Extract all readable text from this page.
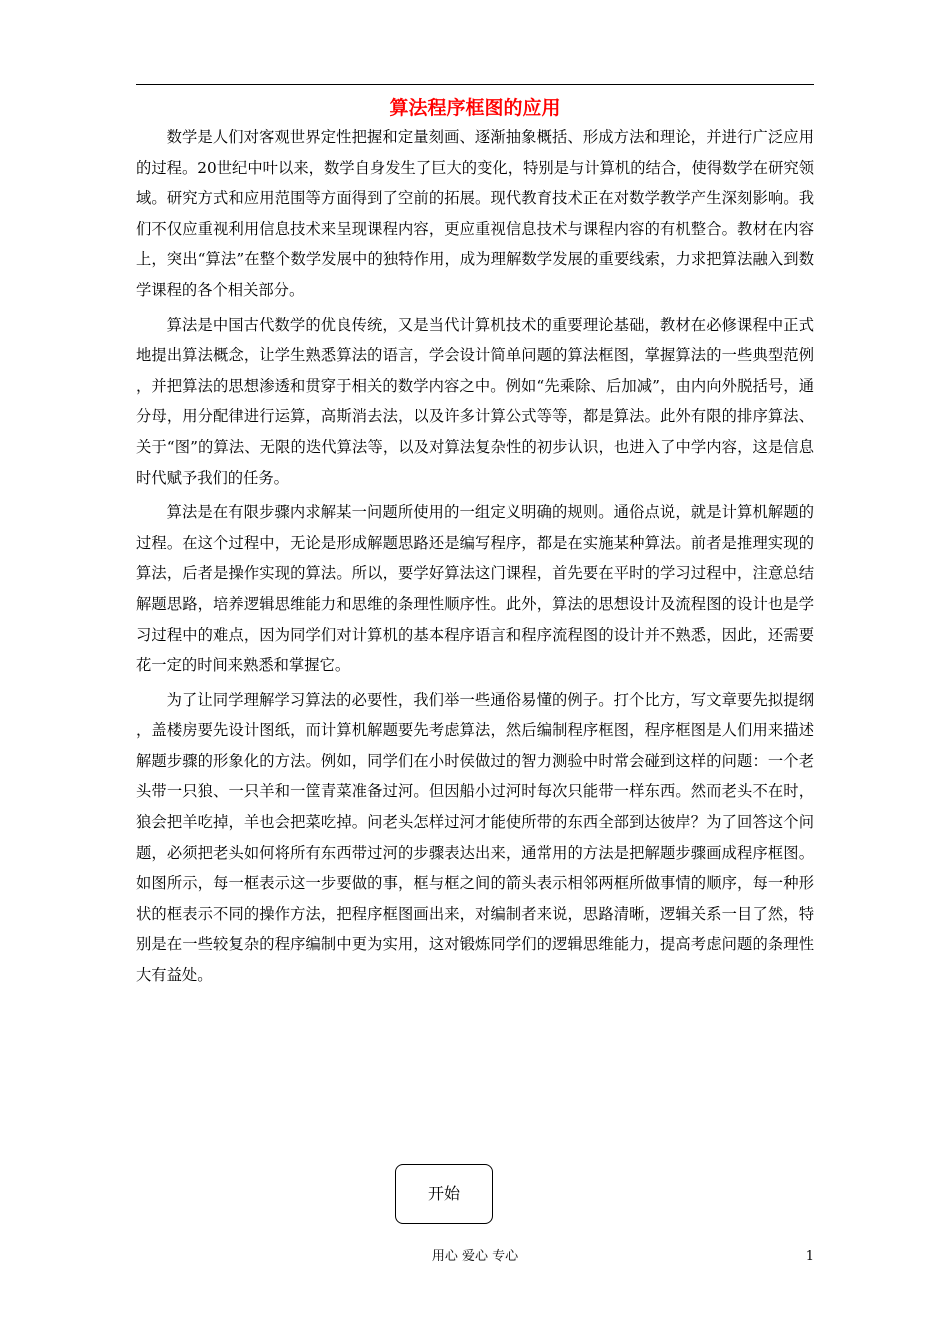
算法程序框图的应用

数学是人们对客观世界定性把握和定量刻画、逐渐抽象概括、形成方法和理论，并进行广泛应用的过程。20世纪中叶以来，数学自身发生了巨大的变化，特别是与计算机的结合，使得数学在研究领域。研究方式和应用范围等方面得到了空前的拓展。现代教育技术正在对数学教学产生深刻影响。我们不仅应重视利用信息技术来呈现课程内容，更应重视信息技术与课程内容的有机整合。教材在内容上，突出“算法”在整个数学发展中的独特作用，成为理解数学发展的重要线索，力求把算法融入到数学课程的各个相关部分。

算法是中国古代数学的优良传统，又是当代计算机技术的重要理论基础，教材在必修课程中正式地提出算法概念，让学生熟悉算法的语言，学会设计简单问题的算法框图，掌握算法的一些典型范例，并把算法的思想渗透和贯穿于相关的数学内容之中。例如“先乘除、后加减”，由内向外脱括号，通分母，用分配律进行运算，高斯消去法，以及许多计算公式等等，都是算法。此外有限的排序算法、关于“图”的算法、无限的迭代算法等，以及对算法复杂性的初步认识，也进入了中学内容，这是信息时代赋予我们的任务。

算法是在有限步骤内求解某一问题所使用的一组定义明确的规则。通俗点说，就是计算机解题的过程。在这个过程中，无论是形成解题思路还是编写程序，都是在实施某种算法。前者是推理实现的算法，后者是操作实现的算法。所以，要学好算法这门课程，首先要在平时的学习过程中，注意总结解题思路，培养逻辑思维能力和思维的条理性顺序性。此外，算法的思想设计及流程图的设计也是学习过程中的难点，因为同学们对计算机的基本程序语言和程序流程图的设计并不熟悉，因此，还需要花一定的时间来熟悉和掌握它。

为了让同学理解学习算法的必要性，我们举一些通俗易懂的例子。打个比方，写文章要先拟提纲，盖楼房要先设计图纸，而计算机解题要先考虑算法，然后编制程序框图，程序框图是人们用来描述解题步骤的形象化的方法。例如，同学们在小时侯做过的智力测验中时常会碰到这样的问题：一个老头带一只狼、一只羊和一筐青菜准备过河。但因船小过河时每次只能带一样东西。然而老头不在时，狼会把羊吃掉，羊也会把菜吃掉。问老头怎样过河才能使所带的东西全部到达彼岸？为了回答这个问题，必须把老头如何将所有东西带过河的步骤表达出来，通常用的方法是把解题步骤画成程序框图。如图所示，每一框表示这一步要做的事，框与框之间的箭头表示相邻两框所做事情的顺序，每一种形状的框表示不同的操作方法，把程序框图画出来，对编制者来说，思路清晰，逻辑关系一目了然，特别是在一些较复杂的程序编制中更为实用，这对锻炼同学们的逻辑思维能力，提高考虑问题的条理性大有益处。

开始
用心 爱心 专心	1
